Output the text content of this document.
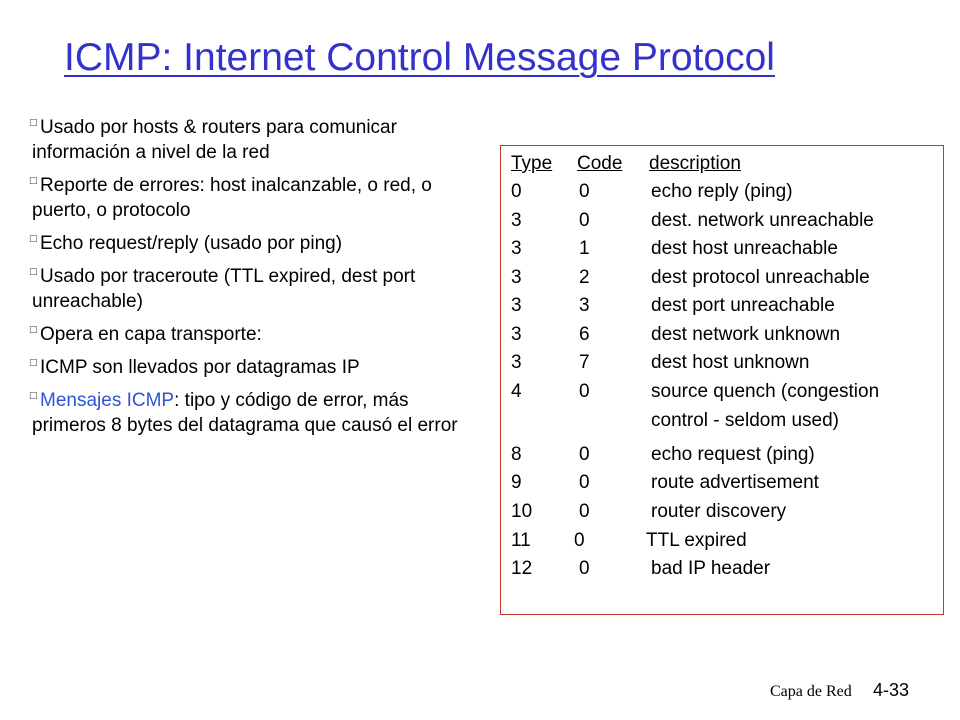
ICMP: Internet Control Message Protocol
□ Usado por hosts & routers para comunicar información a nivel de la red
□ Reporte de errores: host inalcanzable, o red, o puerto, o protocolo
□ Echo request/reply (usado por ping)
□ Usado por traceroute (TTL expired, dest port unreachable)
□ Opera en capa transporte:
□ ICMP son llevados por datagramas IP
□ Mensajes ICMP: tipo y código de error, más primeros 8 bytes del datagrama que causó el error
Type Code description
0	0	echo reply (ping)
3	0	dest. network unreachable
3	1	dest host unreachable
3	2	dest protocol unreachable
3	3	dest port unreachable
3	6	dest network unknown
3	7	dest host unknown
4	0	source quench (congestion
control - seldom used)
8	0	echo request (ping)
9	0	route advertisement
10 0	router discovery
11 0	TTL expired
12 0	bad IP header
Capa de Red 4-33
